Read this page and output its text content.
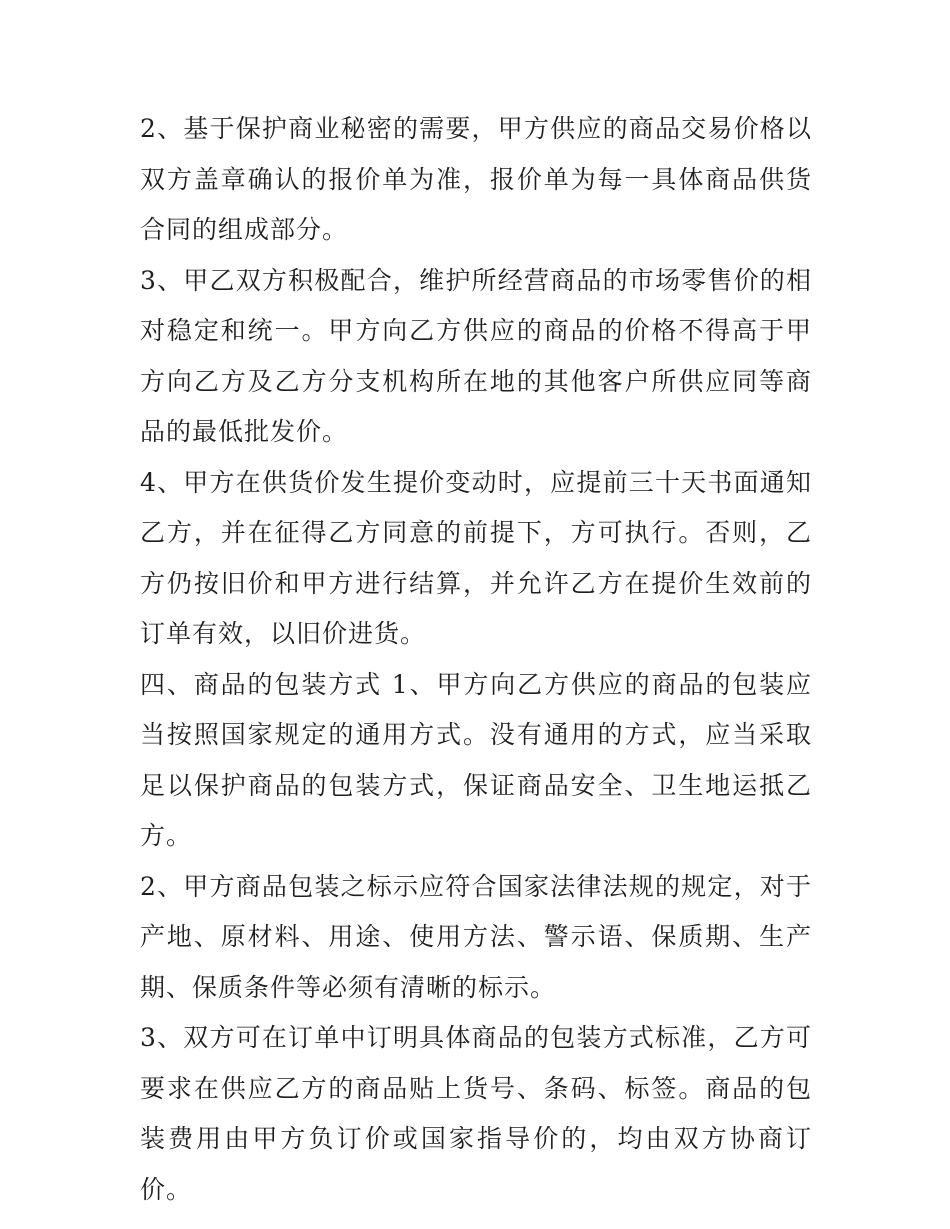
2、基于保护商业秘密的需要，甲方供应的商品交易价格以双方盖章确认的报价单为准，报价单为每一具体商品供货合同的组成部分。

3、甲乙双方积极配合，维护所经营商品的市场零售价的相对稳定和统一。甲方向乙方供应的商品的价格不得高于甲方向乙方及乙方分支机构所在地的其他客户所供应同等商品的最低批发价。

4、甲方在供货价发生提价变动时，应提前三十天书面通知乙方，并在征得乙方同意的前提下，方可执行。否则，乙方仍按旧价和甲方进行结算，并允许乙方在提价生效前的订单有效，以旧价进货。

四、商品的包装方式 1、甲方向乙方供应的商品的包装应当按照国家规定的通用方式。没有通用的方式，应当采取足以保护商品的包装方式，保证商品安全、卫生地运抵乙方。

2、甲方商品包装之标示应符合国家法律法规的规定，对于产地、原材料、用途、使用方法、警示语、保质期、生产期、保质条件等必须有清晰的标示。

3、双方可在订单中订明具体商品的包装方式标准，乙方可要求在供应乙方的商品贴上货号、条码、标签。商品的包装费用由甲方负订价或国家指导价的，均由双方协商订价。
